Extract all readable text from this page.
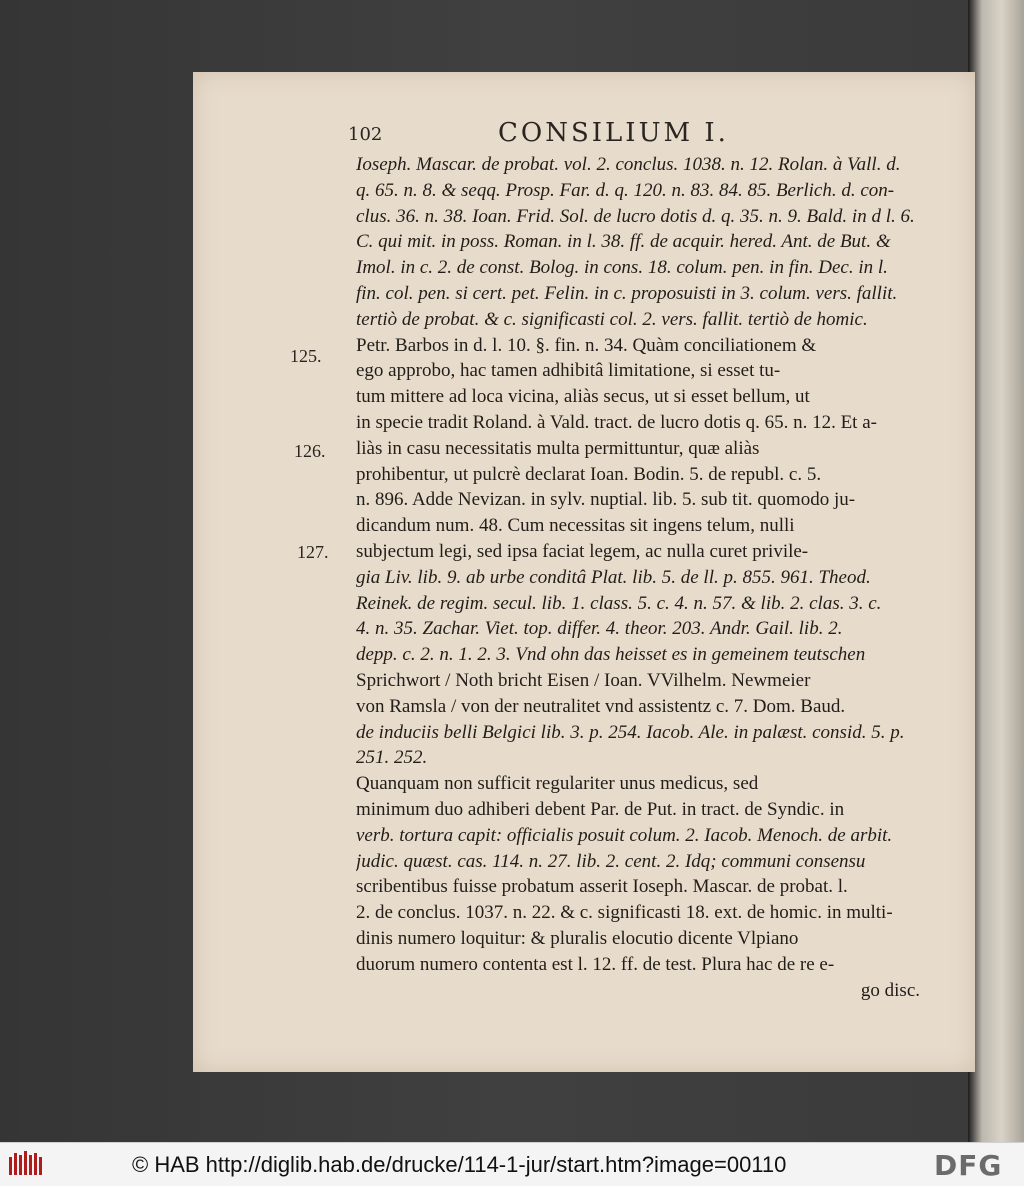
102	CONSILIUM I.
125.
126.
127.
Ioseph. Mascar. de probat. vol. 2. conclus. 1038. n. 12. Rolan. à Vall. d.
q. 65. n. 8. & seqq. Prosp. Far. d. q. 120. n. 83. 84. 85. Berlich. d. con-
clus. 36. n. 38. Ioan. Frid. Sol. de lucro dotis d. q. 35. n. 9. Bald. in d l. 6.
C. qui mit. in poss. Roman. in l. 38. ff. de acquir. hered. Ant. de But. &
Imol. in c. 2. de const. Bolog. in cons. 18. colum. pen. in fin. Dec. in l.
fin. col. pen. si cert. pet. Felin. in c. proposuisti in 3. colum. vers. fallit.
tertiò de probat. & c. significasti col. 2. vers. fallit. tertiò de homic.
Petr. Barbos in d. l. 10. §. fin. n. 34. Quàm conciliationem &
ego approbo, hac tamen adhibitâ limitatione, si esset tu-
tum mittere ad loca vicina, aliàs secus, ut si esset bellum, ut
in specie tradit Roland. à Vald. tract. de lucro dotis q. 65. n. 12. Et a-
liàs in casu necessitatis multa permittuntur, quæ aliàs
prohibentur, ut pulcrè declarat Ioan. Bodin. 5. de republ. c. 5.
n. 896. Adde Nevizan. in sylv. nuptial. lib. 5. sub tit. quomodo ju-
dicandum num. 48. Cum necessitas sit ingens telum, nulli
subjectum legi, sed ipsa faciat legem, ac nulla curet privile-
gia Liv. lib. 9. ab urbe conditâ Plat. lib. 5. de ll. p. 855. 961. Theod.
Reinek. de regim. secul. lib. 1. class. 5. c. 4. n. 57. & lib. 2. clas. 3. c.
4. n. 35. Zachar. Viet. top. differ. 4. theor. 203. Andr. Gail. lib. 2.
depp. c. 2. n. 1. 2. 3. Vnd ohn das heisset es in gemeinem teutschen
Sprichwort / Noth bricht Eisen / Ioan. VVilhelm. Newmeier
von Ramsla / von der neutralitet vnd assistentz c. 7. Dom. Baud.
de induciis belli Belgici lib. 3. p. 254. Iacob. Ale. in palæst. consid. 5. p.
251. 252.
Quanquam non sufficit regulariter unus medicus, sed
minimum duo adhiberi debent Par. de Put. in tract. de Syndic. in
verb. tortura capit: officialis posuit colum. 2. Iacob. Menoch. de arbit.
judic. quæst. cas. 114. n. 27. lib. 2. cent. 2. Idq; communi consensu
scribentibus fuisse probatum asserit Ioseph. Mascar. de probat. l.
2. de conclus. 1037. n. 22. & c. significasti 18. ext. de homic. in multi-
dinis numero loquitur: & pluralis elocutio dicente Vlpiano
duorum numero contenta est l. 12. ff. de test. Plura hac de re e-
go disc.
© HAB http://diglib.hab.de/drucke/114-1-jur/start.htm?image=00110	DFG
